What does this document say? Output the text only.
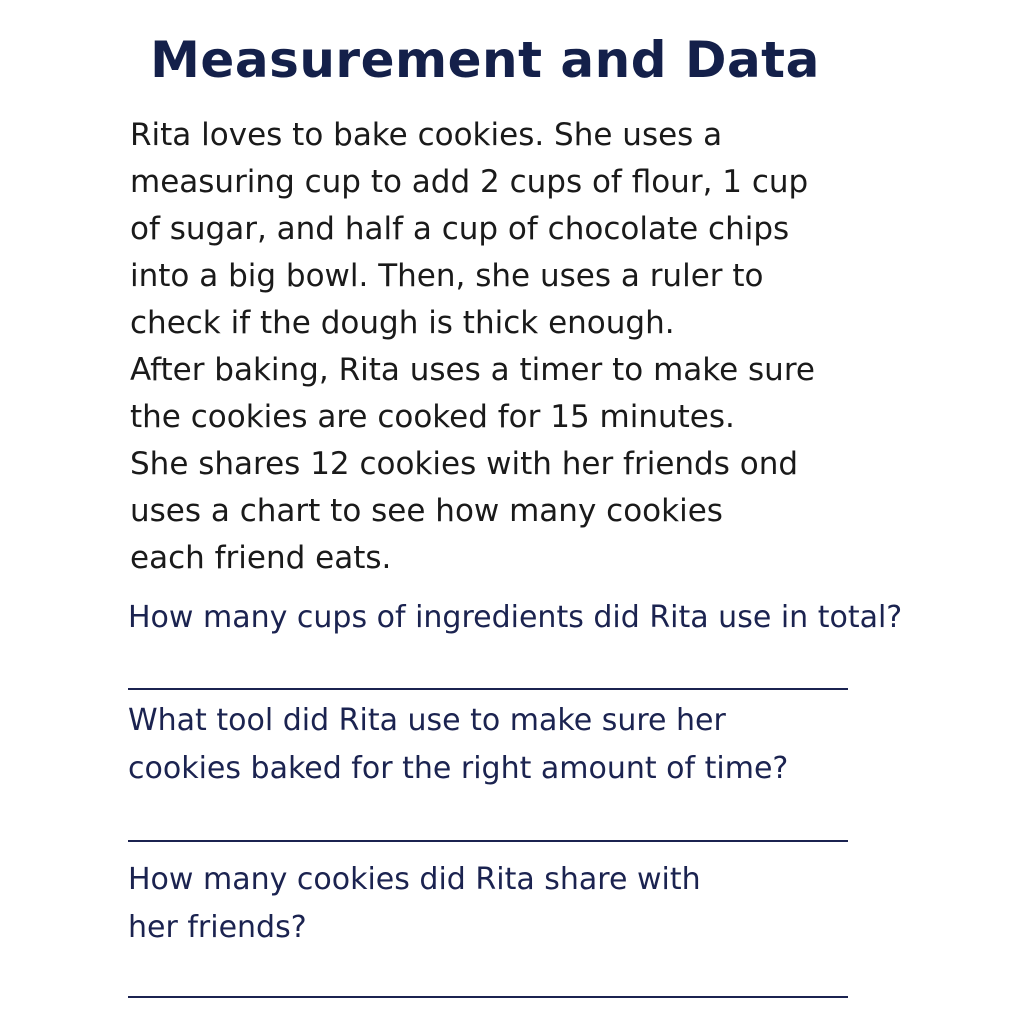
Measurement and Data
Rita loves to bake cookies. She uses a
measuring cup to add 2 cups of flour, 1 cup
of sugar, and half a cup of chocolate chips
into a big bowl. Then, she uses a ruler to
check if the dough is thick enough.
After baking, Rita uses a timer to make sure
the cookies are cooked for 15 minutes.
She shares 12 cookies with her friends ond
uses a chart to see how many cookies
each friend eats.
How many cups of ingredients did Rita use in total?
What tool did Rita use to make sure her
cookies baked for the right amount of time?
How many cookies did Rita share with
her friends?
